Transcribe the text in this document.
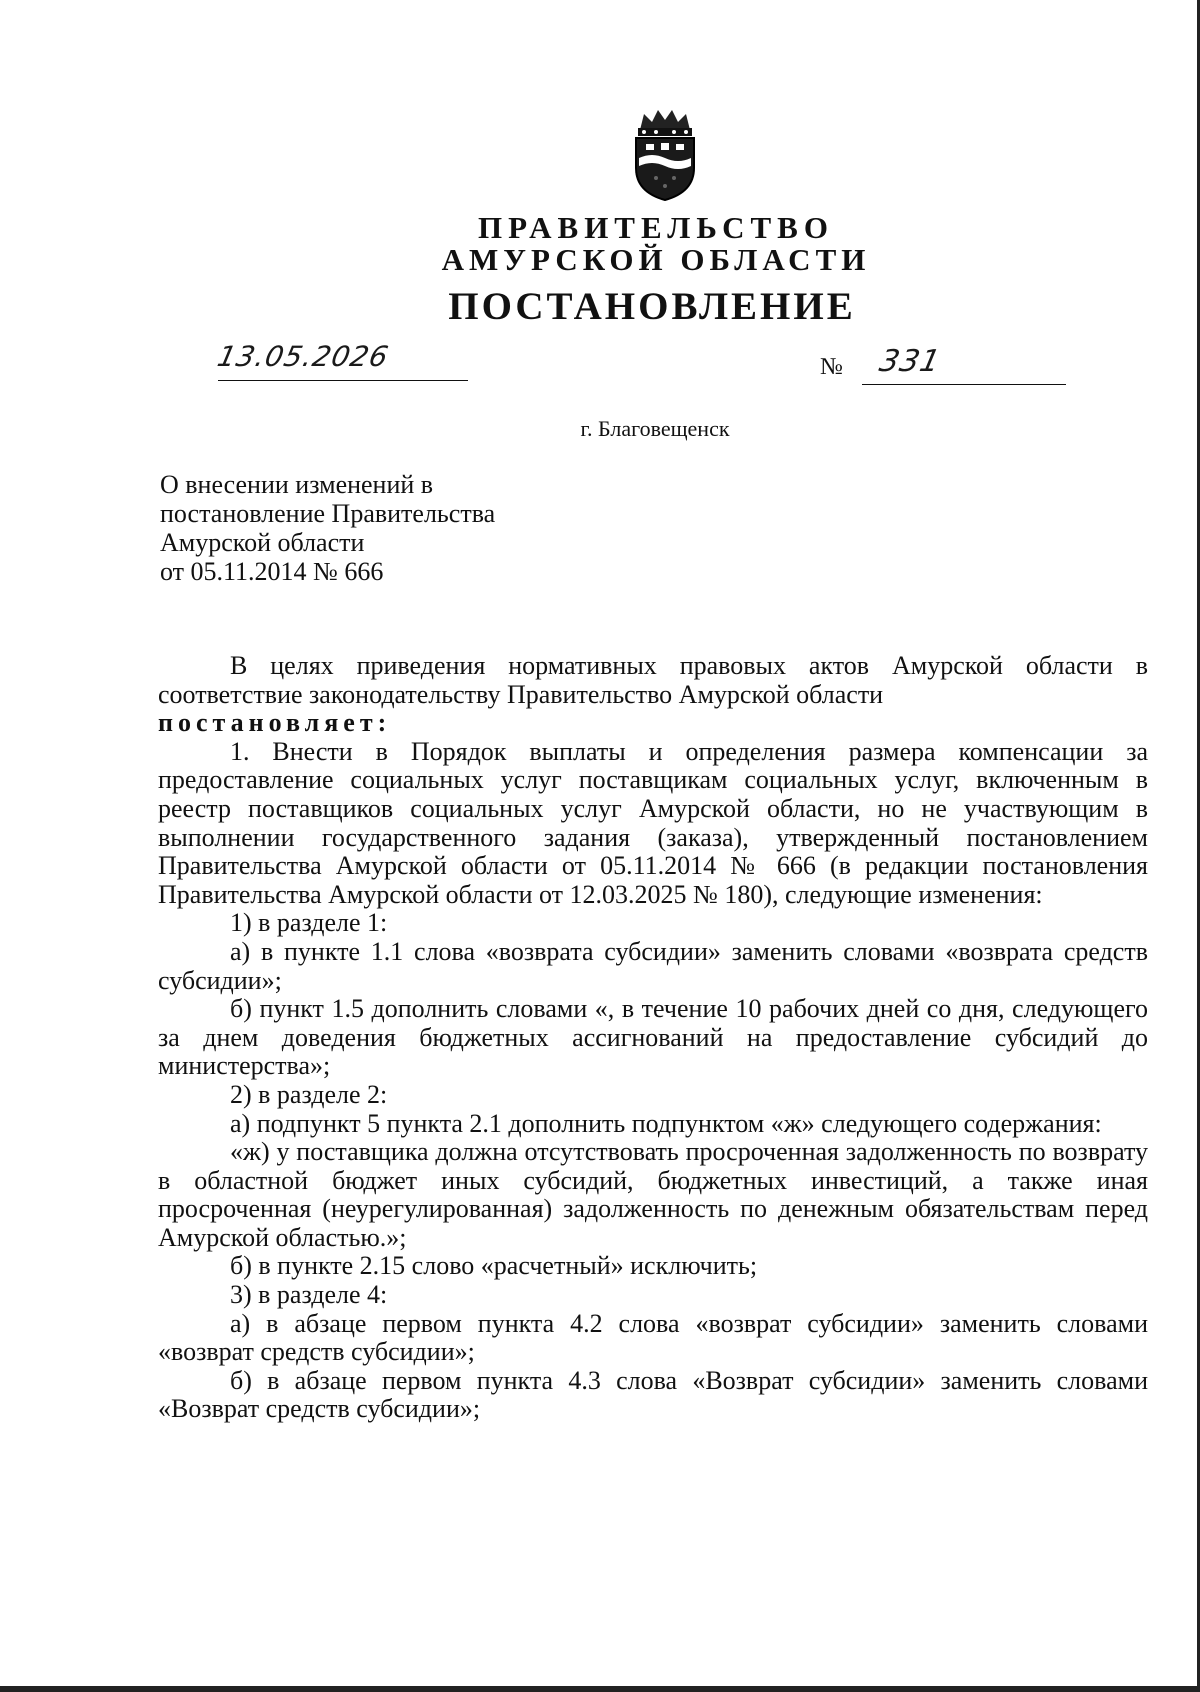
ПРАВИТЕЛЬСТВО
АМУРСКОЙ ОБЛАСТИ
ПОСТАНОВЛЕНИЕ
13.05.2026	№ 331
г. Благовещенск
О внесении изменений в
постановление Правительства
Амурской области
от 05.11.2014 № 666

В целях приведения нормативных правовых актов Амурской области в соответствие законодательству Правительство Амурской области

постановляет:

1. Внести в Порядок выплаты и определения размера компенсации за предоставление социальных услуг поставщикам социальных услуг, включенным в реестр поставщиков социальных услуг Амурской области, но не участвующим в выполнении государственного задания (заказа), утвержденный постановлением Правительства Амурской области от 05.11.2014 № 666 (в редакции постановления Правительства Амурской области от 12.03.2025 № 180), следующие изменения:

1) в разделе 1:

а) в пункте 1.1 слова «возврата субсидии» заменить словами «возврата средств субсидии»;

б) пункт 1.5 дополнить словами «, в течение 10 рабочих дней со дня, следующего за днем доведения бюджетных ассигнований на предоставление субсидий до министерства»;

2) в разделе 2:

а) подпункт 5 пункта 2.1 дополнить подпунктом «ж» следующего содержания:

«ж) у поставщика должна отсутствовать просроченная задолженность по возврату в областной бюджет иных субсидий, бюджетных инвестиций, а также иная просроченная (неурегулированная) задолженность по денежным обязательствам перед Амурской областью.»;

б) в пункте 2.15 слово «расчетный» исключить;

3) в разделе 4:

а) в абзаце первом пункта 4.2 слова «возврат субсидии» заменить словами «возврат средств субсидии»;

б) в абзаце первом пункта 4.3 слова «Возврат субсидии» заменить словами «Возврат средств субсидии»;
